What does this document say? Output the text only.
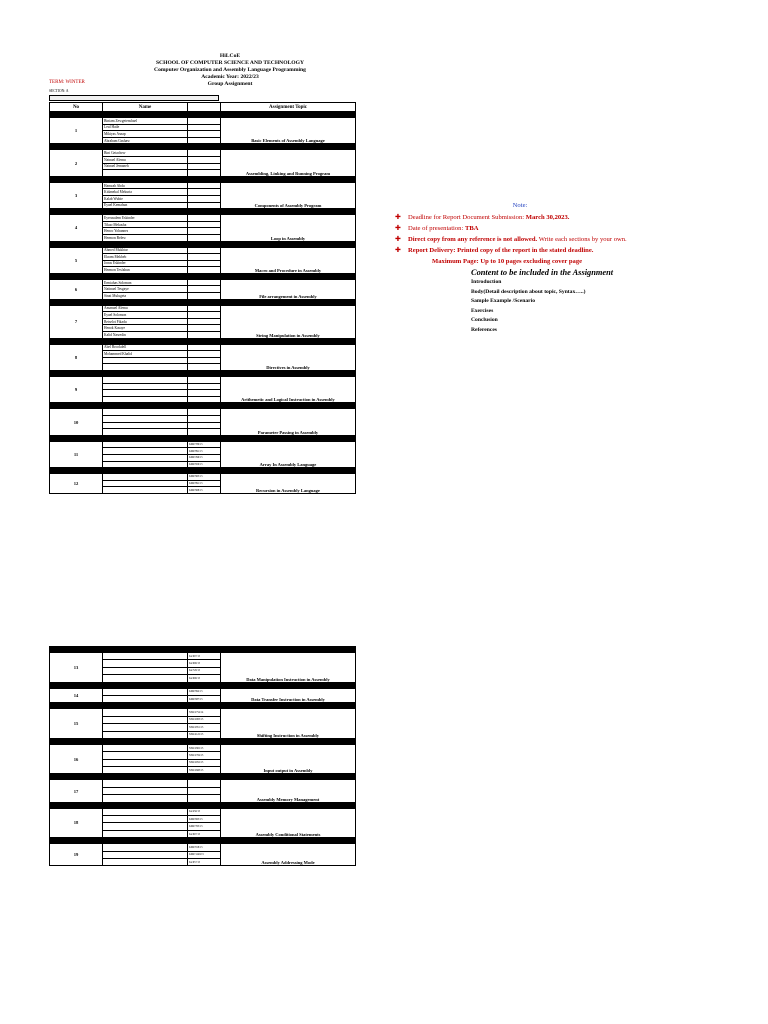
HiLCoE
SCHOOL OF COMPUTER SCIENCE AND TECHNOLOGY
Computer Organization and Assembly Language Programming
Academic Year: 2022/23
Group Assignment
TERM: WINTER
SECTION: A
No	Name		Assignment Topic

1	Biniam Zewgetenshael		Basic Elements of Assembly Language
	Leul Haile		
	Mikiyas Asnap		
	Abraham Gashaw		

2	Bini Getachew		Assembling, Linking and Running Program
	Natnael Alemu		
	Natnael Jemaneh		

3	Hamzah Abdu		Components of Assembly Program
	Kidanekal Mekuria		
	Kalab Wubie		
	Eyuel Kemahun		

4	Eyerusalem Eskinder		Loop in Assembly
	Tikuo Mekasha		
	Henoc Yohannes		
	Hermon Belew		

5	Ahmed Mukhtar		Macro and Procedure in Assembly
	Ekram Mekbeb		
	Jonas Eskinder		
	Hermon Tesfahun		

6	Ermiahas Solomon		File arrangement in Assembly
	Natinael Tesgaye		
	Sinat Mulugeta		

7	Amanuel Alemu		String Manipulation in Assembly
	Eyuel Solomon		
	Betselot Fikadu		
	Henok Kasaye		
	Kalid Nasredin		

8	Abel Brookdell		Directives in Assembly
	Mohammed Khalid		

9			Arithemetic and Logical Instruction in Assembly

10			Parameter Passing in Assembly

11		KMP/780/15	Array In Assembly Language
		KMP/891/15	
		KMP/299/15	
		KMP/950/15	

12		KMP/965/15	Recursion in Assembly Language
		KMP/891/15	
		KMP/968/15	

13		hat/997/15	Data Manipulation Instruction in Assembly
		hat/996/15	
		hat/726/15	
		hat/996/15	

14		KMP/992/15	Data Transfer Instruction in Assembly
		KMP/687/15	

15		NSR/2754/14	Shifting Instruction in Assembly
		NSR/2983/15	
		NSR/2851/15	
		NSR/4122/15	

16		NSR/2802/15	Input output in Assembly
		NSR/2784/15	
		NSR/2952/15	
		NSR/2608/15	

17			Assembly Memory Management

18		hat/456/15	Assembly Conditional Statements
		KMP/665/15	
		KMP/765/15	
		hat/697/15	

19		KMP/818/15	Assembly Addressing Mode
		KMP/1249/15	
		hat/657/15	
Note:
✚ Deadline for Report Document Submission: March 30,2023.
✚ Date of presentation: TBA
✚ Direct copy from any reference is not allowed. Write each sections by your own.
✚ Report Delivery: Printed copy of the report in the stated deadline.
Maximum Page: Up to 10 pages excluding cover page
Content to be included in the Assignment
Introduction
Body(Detail description about topic, Syntax…..)
Sample Example /Scenario
Exercises
Conclusion
References
